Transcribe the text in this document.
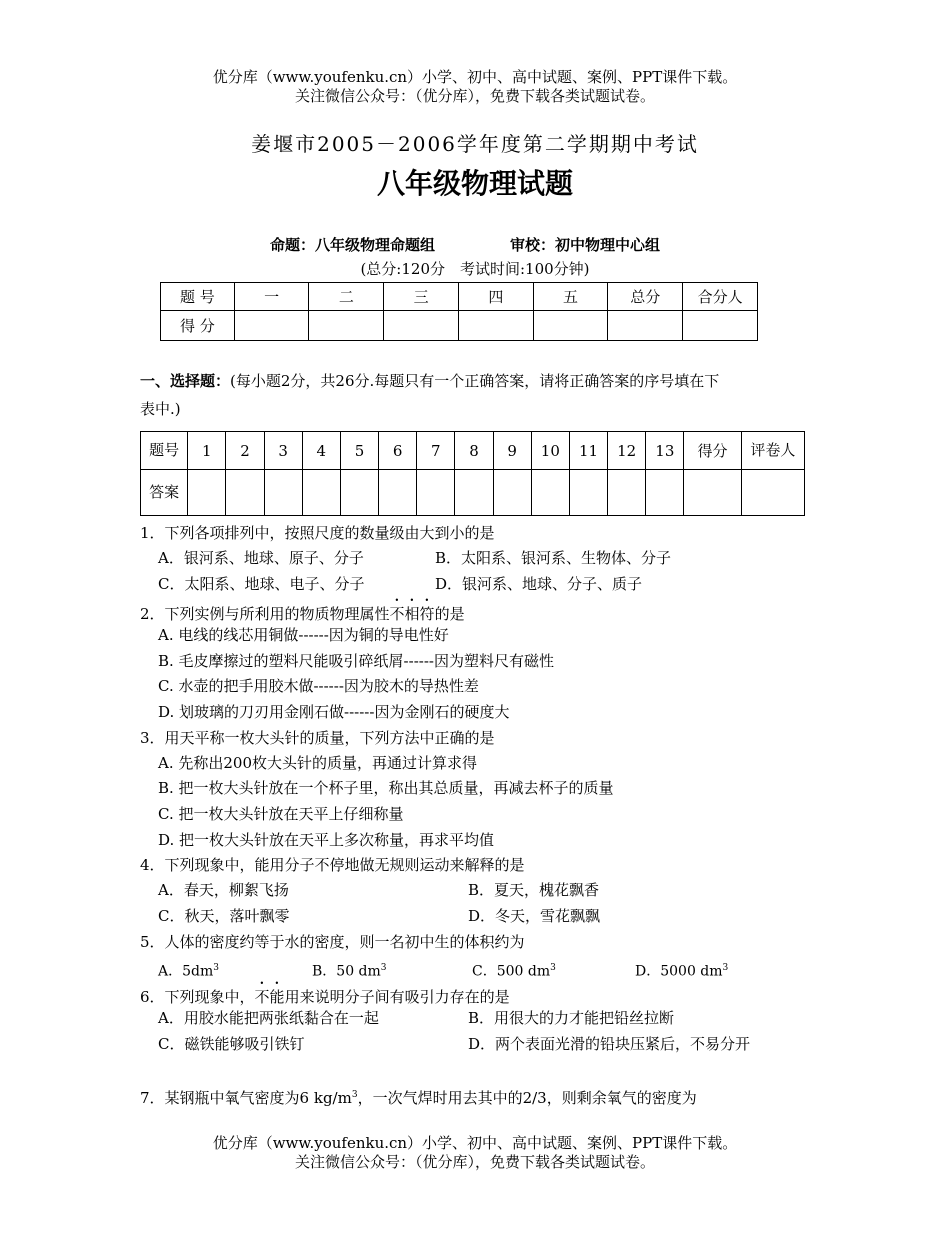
优分库（www.youfenku.cn）小学、初中、高中试题、案例、PPT课件下载。
关注微信公众号：（优分库），免费下载各类试题试卷。
姜堰市2005－2006学年度第二学期期中考试
八年级物理试题
命题：八年级物理命题组	审校：初中物理中心组
(总分:120分　考试时间:100分钟)
题 号	一	二	三	四	五	总分	合分人
得 分							
一、选择题：(每小题2分，共26分.每题只有一个正确答案，请将正确答案的序号填在下
表中.)
题号	1	2	3	4	5	6	7	8	9	10	11	12	13	得分	评卷人
答案															
1．下列各项排列中，按照尺度的数量级由大到小的是
A．银河系、地球、原子、分子	B．太阳系、银河系、生物体、分子
C．太阳系、地球、电子、分子	D．银河系、地球、分子、质子
2．下列实例与所利用的物质物理属性不相符的是
A. 电线的线芯用铜做------因为铜的导电性好
B. 毛皮摩擦过的塑料尺能吸引碎纸屑------因为塑料尺有磁性
C. 水壶的把手用胶木做------因为胶木的导热性差
D. 划玻璃的刀刃用金刚石做------因为金刚石的硬度大
3．用天平称一枚大头针的质量，下列方法中正确的是
A. 先称出200枚大头针的质量，再通过计算求得
B. 把一枚大头针放在一个杯子里，称出其总质量，再减去杯子的质量
C. 把一枚大头针放在天平上仔细称量
D. 把一枚大头针放在天平上多次称量，再求平均值
4．下列现象中，能用分子不停地做无规则运动来解释的是
A．春天，柳絮飞扬	B．夏天，槐花飘香
C．秋天，落叶飘零	D．冬天，雪花飘飘
5．人体的密度约等于水的密度，则一名初中生的体积约为
A．$5dm^3$	B．50 $dm^3$	C．500 $dm^3$	D．5000 $dm^3$
6．下列现象中，不能用来说明分子间有吸引力存在的是
A．用胶水能把两张纸黏合在一起	B．用很大的力才能把铅丝拉断
C．磁铁能够吸引铁钉	D．两个表面光滑的铅块压紧后，不易分开
7．某钢瓶中氧气密度为6 $kg/m^3$，一次气焊时用去其中的2/3，则剩余氧气的密度为
优分库（www.youfenku.cn）小学、初中、高中试题、案例、PPT课件下载。
关注微信公众号：（优分库），免费下载各类试题试卷。
